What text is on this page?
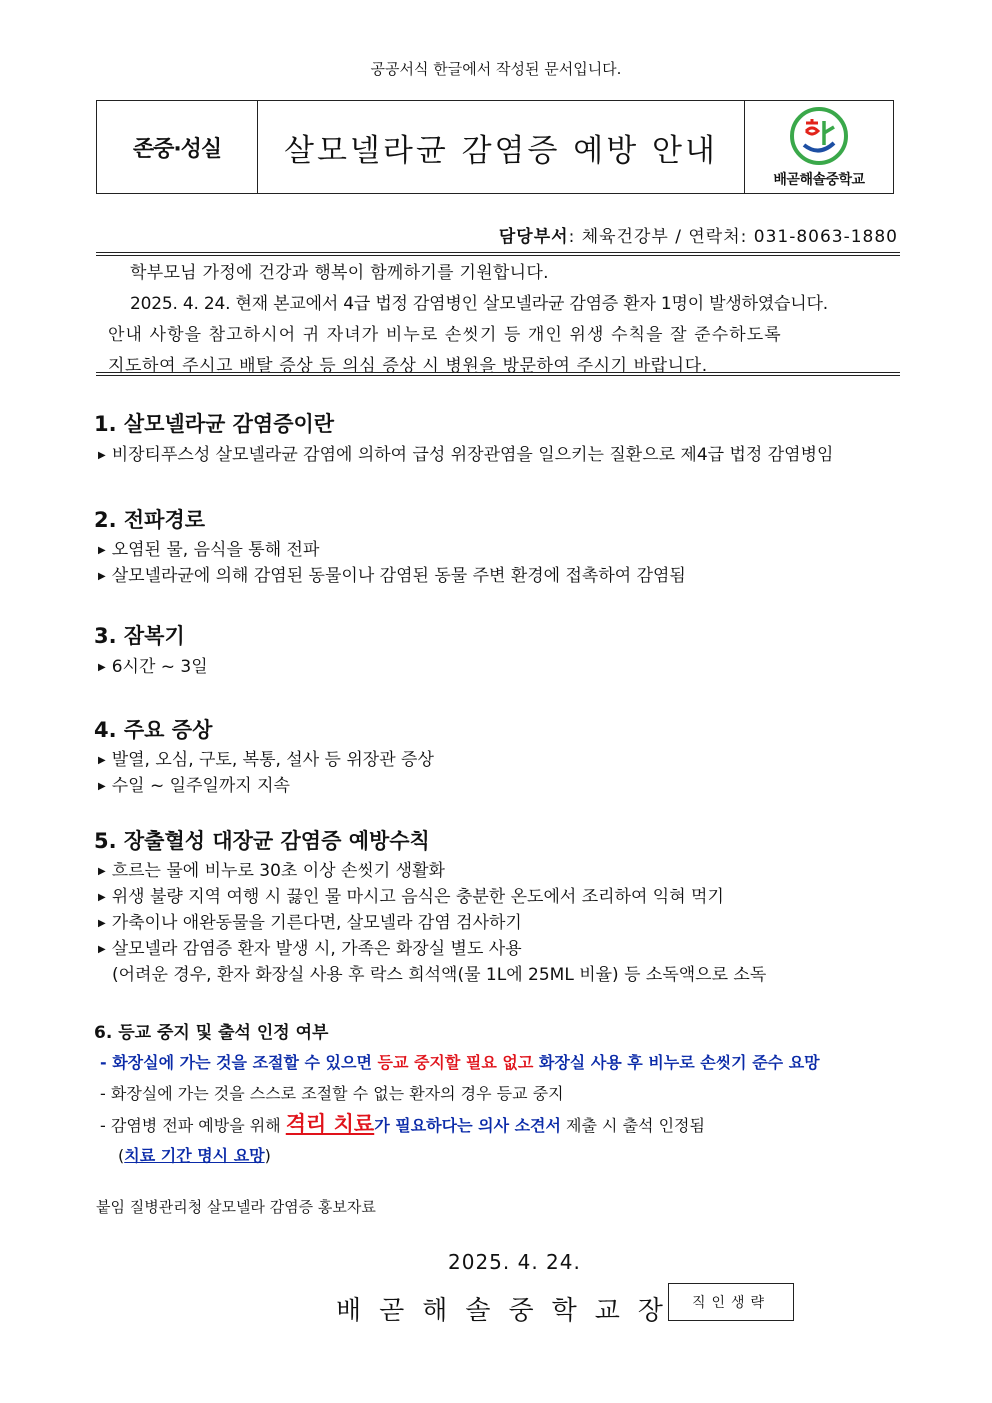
공공서식 한글에서 작성된 문서입니다.
존중·성실	살모넬라균 감염증 예방 안내
배곧해솔중학교
담당부서: 체육건강부 / 연락처: 031-8063-1880
학부모님 가정에 건강과 행복이 함께하기를 기원합니다.
2025. 4. 24. 현재 본교에서 4급 법정 감염병인 살모넬라균 감염증 환자 1명이 발생하였습니다.
안내 사항을 참고하시어 귀 자녀가 비누로 손씻기 등 개인 위생 수칙을 잘 준수하도록
지도하여 주시고 배탈 증상 등 의심 증상 시 병원을 방문하여 주시기 바랍니다.
1. 살모넬라균 감염증이란
▶ 비장티푸스성 살모넬라균 감염에 의하여 급성 위장관염을 일으키는 질환으로 제4급 법정 감염병임
2. 전파경로
▶ 오염된 물, 음식을 통해 전파
▶ 살모넬라균에 의해 감염된 동물이나 감염된 동물 주변 환경에 접촉하여 감염됨
3. 잠복기
▶ 6시간 ~ 3일
4. 주요 증상
▶ 발열, 오심, 구토, 복통, 설사 등 위장관 증상
▶ 수일 ~ 일주일까지 지속
5. 장출혈성 대장균 감염증 예방수칙
▶ 흐르는 물에 비누로 30초 이상 손씻기 생활화
▶ 위생 불량 지역 여행 시 끓인 물 마시고 음식은 충분한 온도에서 조리하여 익혀 먹기
▶ 가축이나 애완동물을 기른다면, 살모넬라 감염 검사하기
▶ 살모넬라 감염증 환자 발생 시, 가족은 화장실 별도 사용
(어려운 경우, 환자 화장실 사용 후 락스 희석액(물 1L에 25ML 비율) 등 소독액으로 소독
6. 등교 중지 및 출석 인정 여부
- 화장실에 가는 것을 조절할 수 있으면 등교 중지할 필요 없고 화장실 사용 후 비누로 손씻기 준수 요망
- 화장실에 가는 것을 스스로 조절할 수 없는 환자의 경우 등교 중지
- 감염병 전파 예방을 위해 격리 치료가 필요하다는 의사 소견서 제출 시 출석 인정됨
(치료 기간 명시 요망)
붙임 질병관리청 살모넬라 감염증 홍보자료
2025. 4. 24.
배곧해솔중학교장 직인생략
